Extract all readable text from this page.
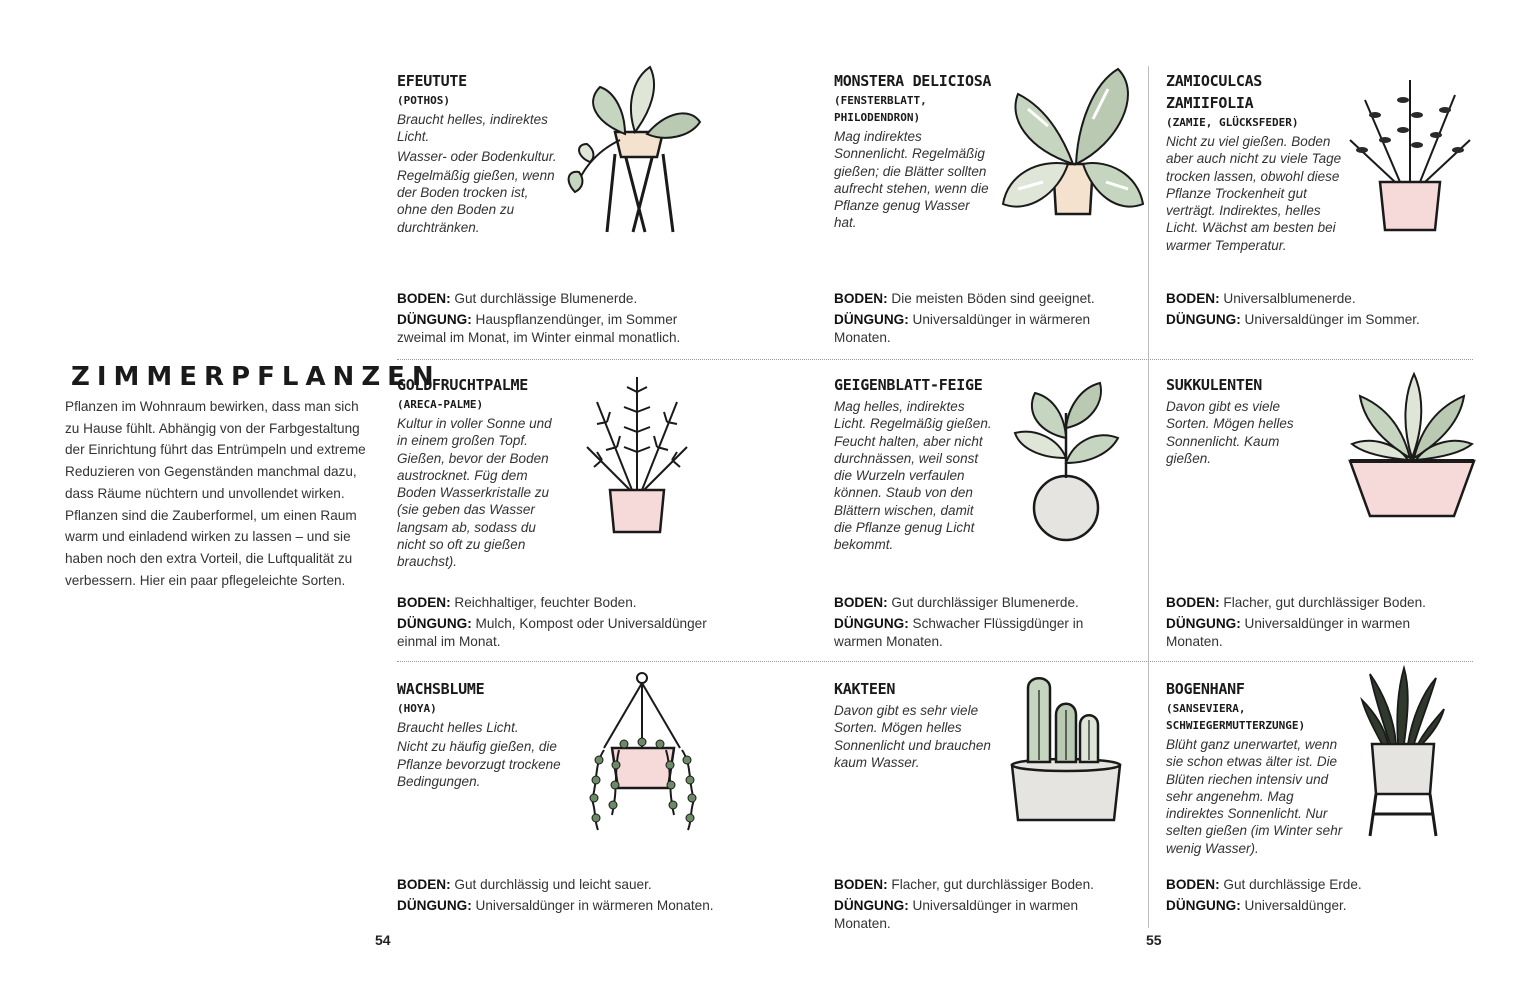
ZIMMERPFLANZEN

Pflanzen im Wohnraum bewirken, dass man sich zu Hause fühlt. Abhängig von der Farbgestaltung der Einrichtung führt das Entrümpeln und extreme Reduzieren von Gegenständen manchmal dazu, dass Räume nüchtern und unvollendet wirken. Pflanzen sind die Zauberformel, um einen Raum warm und einladend wirken zu lassen – und sie haben noch den extra Vorteil, die Luftqualität zu verbessern. Hier ein paar pflegeleichte Sorten.

EFEUTUTE
(POTHOS)

Braucht helles, indirektes Licht.

Wasser- oder Bodenkultur.

Regelmäßig gießen, wenn der Boden trocken ist, ohne den Boden zu durchtränken.

BODEN: Gut durchlässige Blumenerde.
DÜNGUNG: Hauspflanzendünger, im Sommer zweimal im Monat, im Winter einmal monatlich.
MONSTERA DELICIOSA
(FENSTERBLATT, PHILODENDRON)

Mag indirektes Sonnenlicht. Regelmäßig gießen; die Blätter sollten aufrecht stehen, wenn die Pflanze genug Wasser hat.

BODEN: Die meisten Böden sind geeignet.
DÜNGUNG: Universaldünger in wärmeren Monaten.
ZAMIOCULCAS ZAMIIFOLIA
(ZAMIE, GLÜCKSFEDER)

Nicht zu viel gießen. Boden aber auch nicht zu viele Tage trocken lassen, obwohl diese Pflanze Trockenheit gut verträgt. Indirektes, helles Licht. Wächst am besten bei warmer Temperatur.

BODEN: Universalblumenerde.
DÜNGUNG: Universaldünger im Sommer.
GOLDFRUCHTPALME
(ARECA-PALME)

Kultur in voller Sonne und in einem großen Topf. Gießen, bevor der Boden austrocknet. Füg dem Boden Wasserkristalle zu (sie geben das Wasser langsam ab, sodass du nicht so oft zu gießen brauchst).

BODEN: Reichhaltiger, feuchter Boden.
DÜNGUNG: Mulch, Kompost oder Universaldünger einmal im Monat.
GEIGENBLATT-FEIGE

Mag helles, indirektes Licht. Regelmäßig gießen. Feucht halten, aber nicht durchnässen, weil sonst die Wurzeln verfaulen können. Staub von den Blättern wischen, damit die Pflanze genug Licht bekommt.

BODEN: Gut durchlässiger Blumenerde.
DÜNGUNG: Schwacher Flüssigdünger in warmen Monaten.
SUKKULENTEN

Davon gibt es viele Sorten. Mögen helles Sonnenlicht. Kaum gießen.

BODEN: Flacher, gut durchlässiger Boden.
DÜNGUNG: Universaldünger in warmen Monaten.
WACHSBLUME
(HOYA)

Braucht helles Licht.

Nicht zu häufig gießen, die Pflanze bevorzugt trockene Bedingungen.

BODEN: Gut durchlässig und leicht sauer.
DÜNGUNG: Universaldünger in wärmeren Monaten.
KAKTEEN

Davon gibt es sehr viele Sorten. Mögen helles Sonnenlicht und brauchen kaum Wasser.

BODEN: Flacher, gut durchlässiger Boden.
DÜNGUNG: Universaldünger in warmen Monaten.
BOGENHANF
(SANSEVIERA, SCHWIEGERMUTTERZUNGE)

Blüht ganz unerwartet, wenn sie schon etwas älter ist. Die Blüten riechen intensiv und sehr angenehm. Mag indirektes Sonnenlicht. Nur selten gießen (im Winter sehr wenig Wasser).

BODEN: Gut durchlässige Erde.
DÜNGUNG: Universaldünger.
54	55
